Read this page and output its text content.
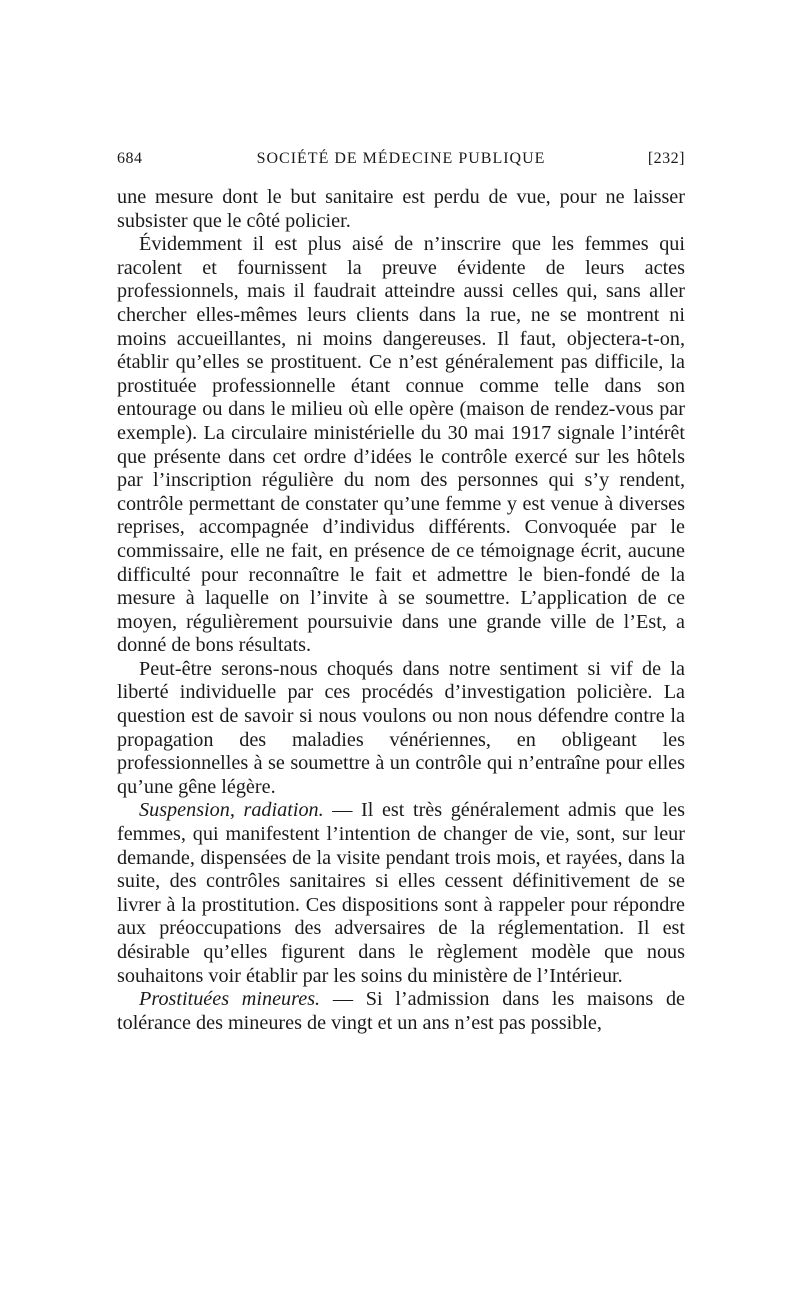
684	SOCIÉTÉ DE MÉDECINE PUBLIQUE	[232]

une mesure dont le but sanitaire est perdu de vue, pour ne laisser subsister que le côté policier.

Évidemment il est plus aisé de n’inscrire que les femmes qui racolent et fournissent la preuve évidente de leurs actes professionnels, mais il faudrait atteindre aussi celles qui, sans aller chercher elles-mêmes leurs clients dans la rue, ne se montrent ni moins accueillantes, ni moins dangereuses. Il faut, objectera-t-on, établir qu’elles se prostituent. Ce n’est généralement pas difficile, la prostituée professionnelle étant connue comme telle dans son entourage ou dans le milieu où elle opère (maison de rendez-vous par exemple). La circulaire ministérielle du 30 mai 1917 signale l’intérêt que présente dans cet ordre d’idées le contrôle exercé sur les hôtels par l’inscription régulière du nom des personnes qui s’y rendent, contrôle permettant de constater qu’une femme y est venue à diverses reprises, accompagnée d’individus différents. Convoquée par le commissaire, elle ne fait, en présence de ce témoignage écrit, aucune difficulté pour reconnaître le fait et admettre le bien-fondé de la mesure à laquelle on l’invite à se soumettre. L’application de ce moyen, régulièrement poursuivie dans une grande ville de l’Est, a donné de bons résultats.

Peut-être serons-nous choqués dans notre sentiment si vif de la liberté individuelle par ces procédés d’investigation policière. La question est de savoir si nous voulons ou non nous défendre contre la propagation des maladies vénériennes, en obligeant les professionnelles à se soumettre à un contrôle qui n’entraîne pour elles qu’une gêne légère.

Suspension, radiation. — Il est très généralement admis que les femmes, qui manifestent l’intention de changer de vie, sont, sur leur demande, dispensées de la visite pendant trois mois, et rayées, dans la suite, des contrôles sanitaires si elles cessent définitivement de se livrer à la prostitution. Ces dispositions sont à rappeler pour répondre aux préoccupations des adversaires de la réglementation. Il est désirable qu’elles figurent dans le règlement modèle que nous souhaitons voir établir par les soins du ministère de l’Intérieur.

Prostituées mineures. — Si l’admission dans les maisons de tolérance des mineures de vingt et un ans n’est pas possible,
